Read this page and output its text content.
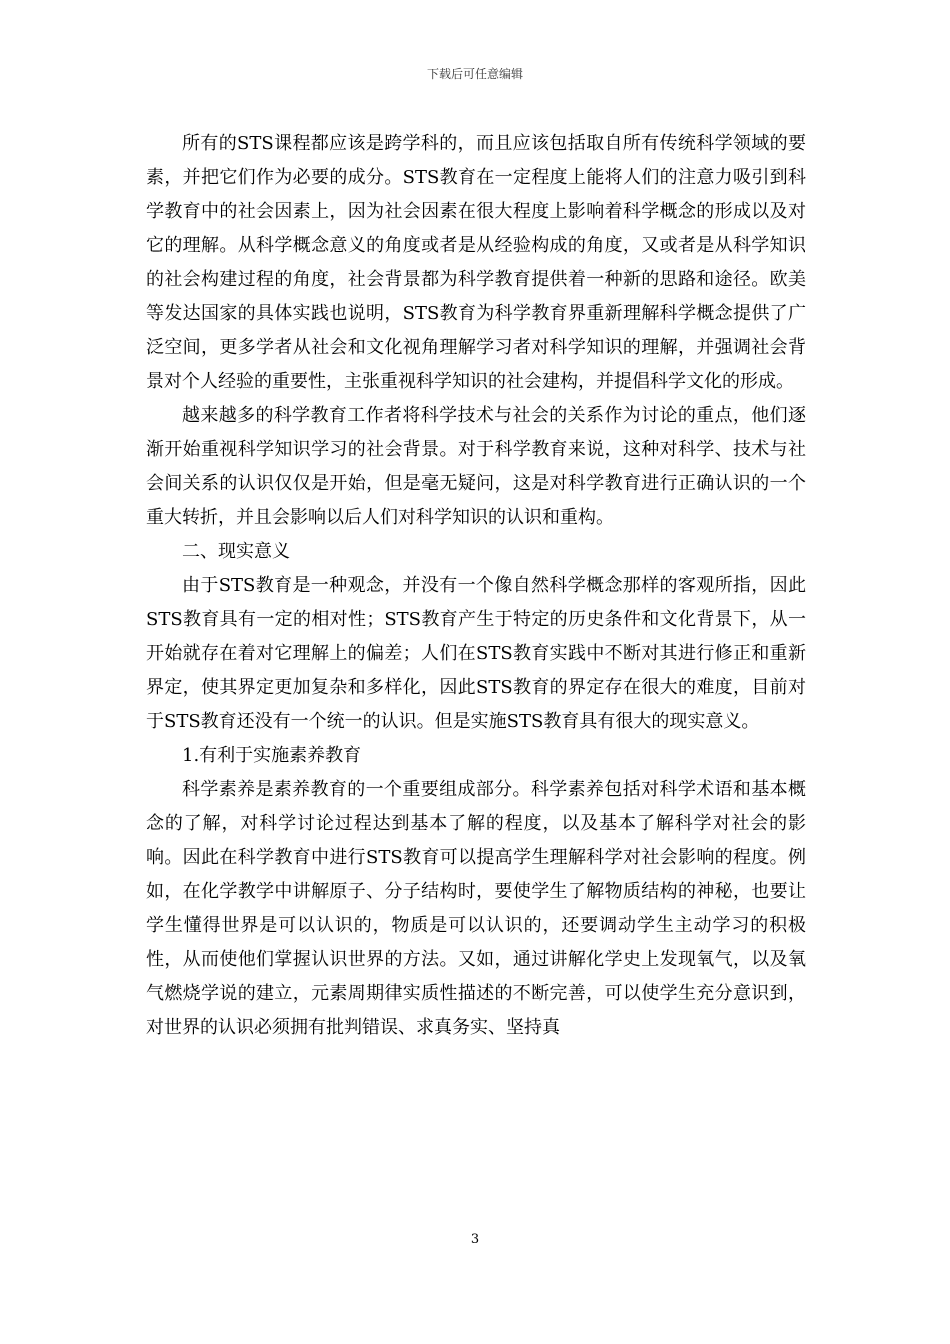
下载后可任意编辑

所有的STS课程都应该是跨学科的，而且应该包括取自所有传统科学领域的要素，并把它们作为必要的成分。STS教育在一定程度上能将人们的注意力吸引到科学教育中的社会因素上，因为社会因素在很大程度上影响着科学概念的形成以及对它的理解。从科学概念意义的角度或者是从经验构成的角度，又或者是从科学知识的社会构建过程的角度，社会背景都为科学教育提供着一种新的思路和途径。欧美等发达国家的具体实践也说明，STS教育为科学教育界重新理解科学概念提供了广泛空间，更多学者从社会和文化视角理解学习者对科学知识的理解，并强调社会背景对个人经验的重要性，主张重视科学知识的社会建构，并提倡科学文化的形成。

越来越多的科学教育工作者将科学技术与社会的关系作为讨论的重点，他们逐渐开始重视科学知识学习的社会背景。对于科学教育来说，这种对科学、技术与社会间关系的认识仅仅是开始，但是毫无疑问，这是对科学教育进行正确认识的一个重大转折，并且会影响以后人们对科学知识的认识和重构。

二、现实意义

由于STS教育是一种观念，并没有一个像自然科学概念那样的客观所指，因此STS教育具有一定的相对性；STS教育产生于特定的历史条件和文化背景下，从一开始就存在着对它理解上的偏差；人们在STS教育实践中不断对其进行修正和重新界定，使其界定更加复杂和多样化，因此STS教育的界定存在很大的难度，目前对于STS教育还没有一个统一的认识。但是实施STS教育具有很大的现实意义。

1.有利于实施素养教育

科学素养是素养教育的一个重要组成部分。科学素养包括对科学术语和基本概念的了解，对科学讨论过程达到基本了解的程度，以及基本了解科学对社会的影响。因此在科学教育中进行STS教育可以提高学生理解科学对社会影响的程度。例如，在化学教学中讲解原子、分子结构时，要使学生了解物质结构的神秘，也要让学生懂得世界是可以认识的，物质是可以认识的，还要调动学生主动学习的积极性，从而使他们掌握认识世界的方法。又如，通过讲解化学史上发现氧气，以及氧气燃烧学说的建立，元素周期律实质性描述的不断完善，可以使学生充分意识到，对世界的认识必须拥有批判错误、求真务实、坚持真

3
